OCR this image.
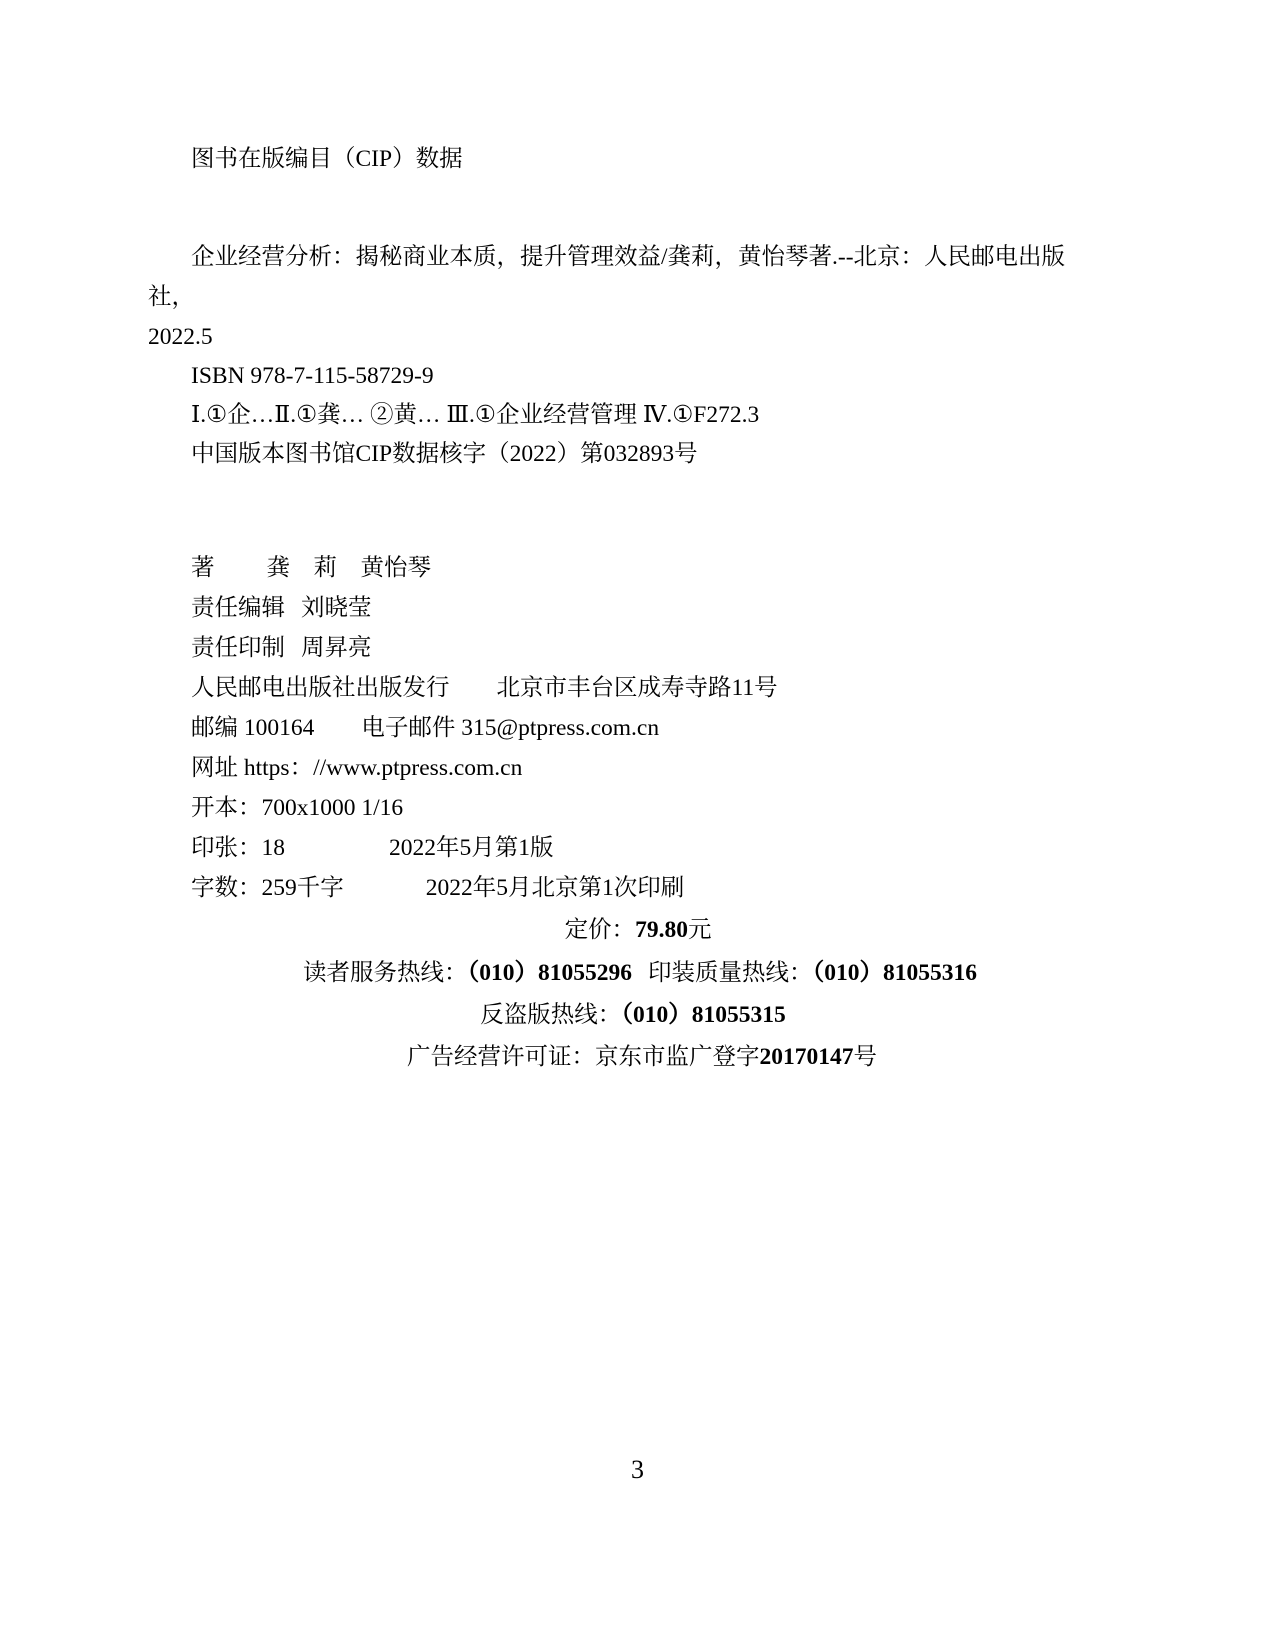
图书在版编目（CIP）数据
企业经营分析：揭秘商业本质，提升管理效益/龚莉，黄怡琴著.--北京：人民邮电出版社，
2022.5
ISBN 978-7-115-58729-9
Ⅰ.①企…Ⅱ.①龚… ②黄… Ⅲ.①企业经营管理 Ⅳ.①F272.3
中国版本图书馆CIP数据核字（2022）第032893号
著 龚　莉　黄怡琴
责任编辑 刘晓莹
责任印制 周昇亮
人民邮电出版社出版发行　　北京市丰台区成寿寺路11号
邮编 100164　　电子邮件 315@ptpress.com.cn
网址 https：//www.ptpress.com.cn
开本：700x1000 1/16
印张：18	2022年5月第1版
字数：259千字	2022年5月北京第1次印刷
定价：79.80元
读者服务热线：（010）81055296 印装质量热线：（010）81055316
反盗版热线：（010）81055315
广告经营许可证：京东市监广登字20170147号
3
